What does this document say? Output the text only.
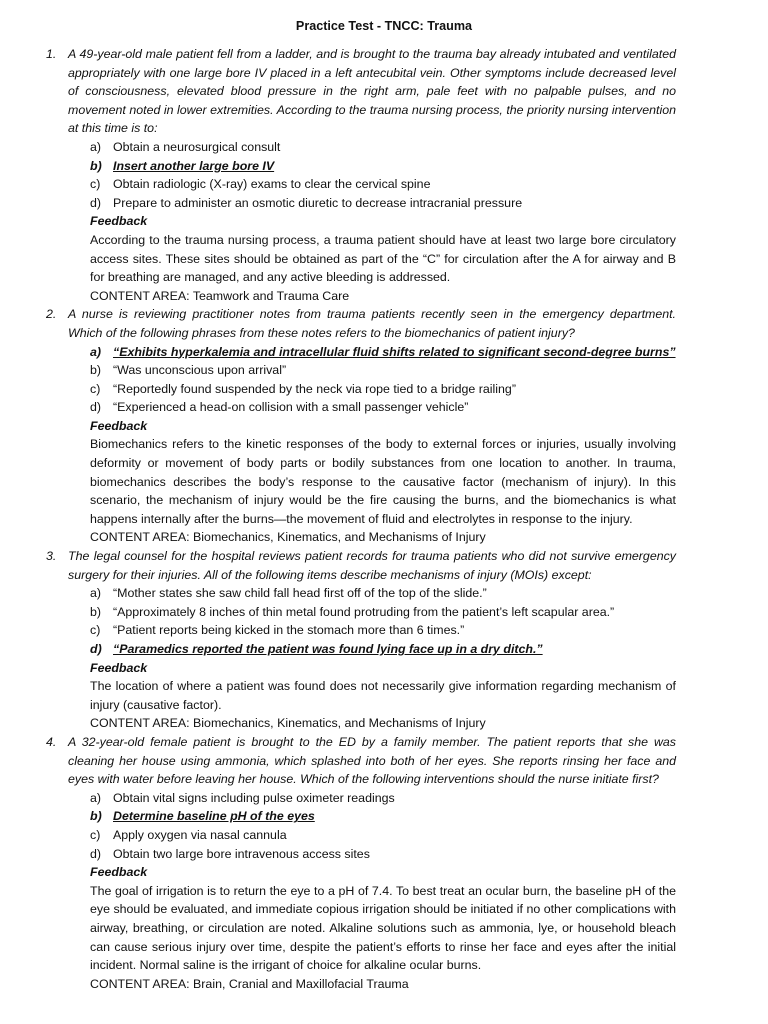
Practice Test - TNCC: Trauma
1. A 49-year-old male patient fell from a ladder, and is brought to the trauma bay already intubated and ventilated appropriately with one large bore IV placed in a left antecubital vein. Other symptoms include decreased level of consciousness, elevated blood pressure in the right arm, pale feet with no palpable pulses, and no movement noted in lower extremities. According to the trauma nursing process, the priority nursing intervention at this time is to:
a) Obtain a neurosurgical consult
b) Insert another large bore IV
c)	Obtain radiologic (X-ray) exams to clear the cervical spine
d) Prepare to administer an osmotic diuretic to decrease intracranial pressure
Feedback
According to the trauma nursing process, a trauma patient should have at least two large bore circulatory access sites. These sites should be obtained as part of the “C” for circulation after the A for airway and B for breathing are managed, and any active bleeding is addressed.
CONTENT AREA: Teamwork and Trauma Care
2. A nurse is reviewing practitioner notes from trauma patients recently seen in the emergency department. Which of the following phrases from these notes refers to the biomechanics of patient injury?
a) “Exhibits hyperkalemia and intracellular fluid shifts related to significant second-degree burns”
b) “Was unconscious upon arrival”
c)	“Reportedly found suspended by the neck via rope tied to a bridge railing”
d) “Experienced a head-on collision with a small passenger vehicle”
Feedback
Biomechanics refers to the kinetic responses of the body to external forces or injuries, usually involving deformity or movement of body parts or bodily substances from one location to another. In trauma, biomechanics describes the body’s response to the causative factor (mechanism of injury). In this scenario, the mechanism of injury would be the fire causing the burns, and the biomechanics is what happens internally after the burns—the movement of fluid and electrolytes in response to the injury.
CONTENT AREA: Biomechanics, Kinematics, and Mechanisms of Injury
3. The legal counsel for the hospital reviews patient records for trauma patients who did not survive emergency surgery for their injuries. All of the following items describe mechanisms of injury (MOIs) except:
a) “Mother states she saw child fall head first off of the top of the slide.”
b) “Approximately 8 inches of thin metal found protruding from the patient’s left scapular area.”
c)	“Patient reports being kicked in the stomach more than 6 times.”
d) “Paramedics reported the patient was found lying face up in a dry ditch.”
Feedback
The location of where a patient was found does not necessarily give information regarding mechanism of injury (causative factor).
CONTENT AREA: Biomechanics, Kinematics, and Mechanisms of Injury
4. A 32-year-old female patient is brought to the ED by a family member. The patient reports that she was cleaning her house using ammonia, which splashed into both of her eyes. She reports rinsing her face and eyes with water before leaving her house. Which of the following interventions should the nurse initiate first?
a) Obtain vital signs including pulse oximeter readings
b) Determine baseline pH of the eyes
c)	Apply oxygen via nasal cannula
d) Obtain two large bore intravenous access sites
Feedback
The goal of irrigation is to return the eye to a pH of 7.4. To best treat an ocular burn, the baseline pH of the eye should be evaluated, and immediate copious irrigation should be initiated if no other complications with airway, breathing, or circulation are noted. Alkaline solutions such as ammonia, lye, or household bleach can cause serious injury over time, despite the patient’s efforts to rinse her face and eyes after the initial incident. Normal saline is the irrigant of choice for alkaline ocular burns.
CONTENT AREA: Brain, Cranial and Maxillofacial Trauma
